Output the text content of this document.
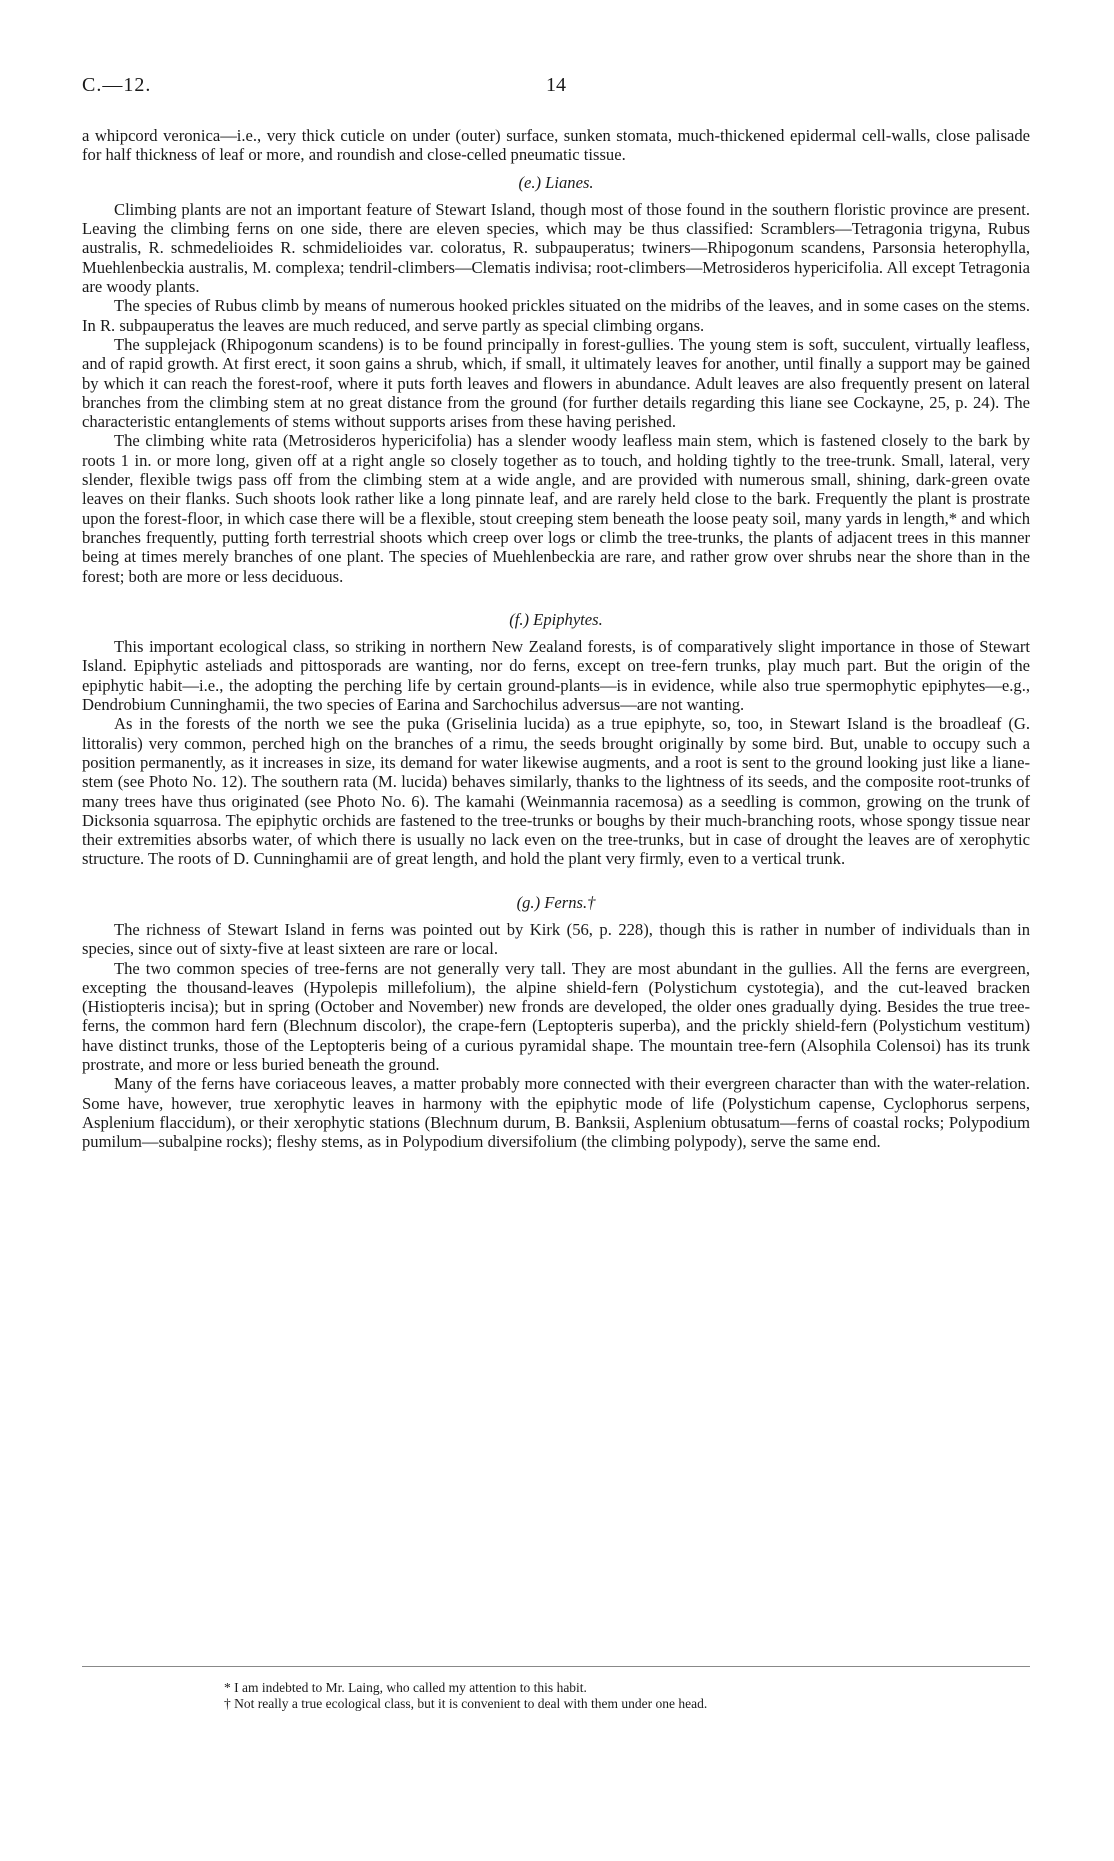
C.—12.	14

a whipcord veronica—i.e., very thick cuticle on under (outer) surface, sunken stomata, much-thickened epidermal cell-walls, close palisade for half thickness of leaf or more, and roundish and close-celled pneumatic tissue.

(e.) Lianes.

Climbing plants are not an important feature of Stewart Island, though most of those found in the southern floristic province are present. Leaving the climbing ferns on one side, there are eleven species, which may be thus classified: Scramblers—Tetragonia trigyna, Rubus australis, R. schmedelioides R. schmidelioides var. coloratus, R. subpauperatus; twiners—Rhipogonum scandens, Parsonsia heterophylla, Muehlenbeckia australis, M. complexa; tendril-climbers—Clematis indivisa; root-climbers—Metrosideros hypericifolia. All except Tetragonia are woody plants.

The species of Rubus climb by means of numerous hooked prickles situated on the midribs of the leaves, and in some cases on the stems. In R. subpauperatus the leaves are much reduced, and serve partly as special climbing organs.

The supplejack (Rhipogonum scandens) is to be found principally in forest-gullies. The young stem is soft, succulent, virtually leafless, and of rapid growth. At first erect, it soon gains a shrub, which, if small, it ultimately leaves for another, until finally a support may be gained by which it can reach the forest-roof, where it puts forth leaves and flowers in abundance. Adult leaves are also frequently present on lateral branches from the climbing stem at no great distance from the ground (for further details regarding this liane see Cockayne, 25, p. 24). The characteristic entanglements of stems without supports arises from these having perished.

The climbing white rata (Metrosideros hypericifolia) has a slender woody leafless main stem, which is fastened closely to the bark by roots 1 in. or more long, given off at a right angle so closely together as to touch, and holding tightly to the tree-trunk. Small, lateral, very slender, flexible twigs pass off from the climbing stem at a wide angle, and are provided with numerous small, shining, dark-green ovate leaves on their flanks. Such shoots look rather like a long pinnate leaf, and are rarely held close to the bark. Frequently the plant is prostrate upon the forest-floor, in which case there will be a flexible, stout creeping stem beneath the loose peaty soil, many yards in length,* and which branches frequently, putting forth terrestrial shoots which creep over logs or climb the tree-trunks, the plants of adjacent trees in this manner being at times merely branches of one plant. The species of Muehlenbeckia are rare, and rather grow over shrubs near the shore than in the forest; both are more or less deciduous.

(f.) Epiphytes.

This important ecological class, so striking in northern New Zealand forests, is of comparatively slight importance in those of Stewart Island. Epiphytic asteliads and pittosporads are wanting, nor do ferns, except on tree-fern trunks, play much part. But the origin of the epiphytic habit—i.e., the adopting the perching life by certain ground-plants—is in evidence, while also true spermophytic epiphytes—e.g., Dendrobium Cunninghamii, the two species of Earina and Sarchochilus adversus—are not wanting.

As in the forests of the north we see the puka (Griselinia lucida) as a true epiphyte, so, too, in Stewart Island is the broadleaf (G. littoralis) very common, perched high on the branches of a rimu, the seeds brought originally by some bird. But, unable to occupy such a position permanently, as it increases in size, its demand for water likewise augments, and a root is sent to the ground looking just like a liane-stem (see Photo No. 12). The southern rata (M. lucida) behaves similarly, thanks to the lightness of its seeds, and the composite root-trunks of many trees have thus originated (see Photo No. 6). The kamahi (Weinmannia racemosa) as a seedling is common, growing on the trunk of Dicksonia squarrosa. The epiphytic orchids are fastened to the tree-trunks or boughs by their much-branching roots, whose spongy tissue near their extremities absorbs water, of which there is usually no lack even on the tree-trunks, but in case of drought the leaves are of xerophytic structure. The roots of D. Cunninghamii are of great length, and hold the plant very firmly, even to a vertical trunk.

(g.) Ferns.†

The richness of Stewart Island in ferns was pointed out by Kirk (56, p. 228), though this is rather in number of individuals than in species, since out of sixty-five at least sixteen are rare or local.

The two common species of tree-ferns are not generally very tall. They are most abundant in the gullies. All the ferns are evergreen, excepting the thousand-leaves (Hypolepis millefolium), the alpine shield-fern (Polystichum cystotegia), and the cut-leaved bracken (Histiopteris incisa); but in spring (October and November) new fronds are developed, the older ones gradually dying. Besides the true tree-ferns, the common hard fern (Blechnum discolor), the crape-fern (Leptopteris superba), and the prickly shield-fern (Polystichum vestitum) have distinct trunks, those of the Leptopteris being of a curious pyramidal shape. The mountain tree-fern (Alsophila Colensoi) has its trunk prostrate, and more or less buried beneath the ground.

Many of the ferns have coriaceous leaves, a matter probably more connected with their evergreen character than with the water-relation. Some have, however, true xerophytic leaves in harmony with the epiphytic mode of life (Polystichum capense, Cyclophorus serpens, Asplenium flaccidum), or their xerophytic stations (Blechnum durum, B. Banksii, Asplenium obtusatum—ferns of coastal rocks; Polypodium pumilum—subalpine rocks); fleshy stems, as in Polypodium diversifolium (the climbing polypody), serve the same end.

* I am indebted to Mr. Laing, who called my attention to this habit.
† Not really a true ecological class, but it is convenient to deal with them under one head.
